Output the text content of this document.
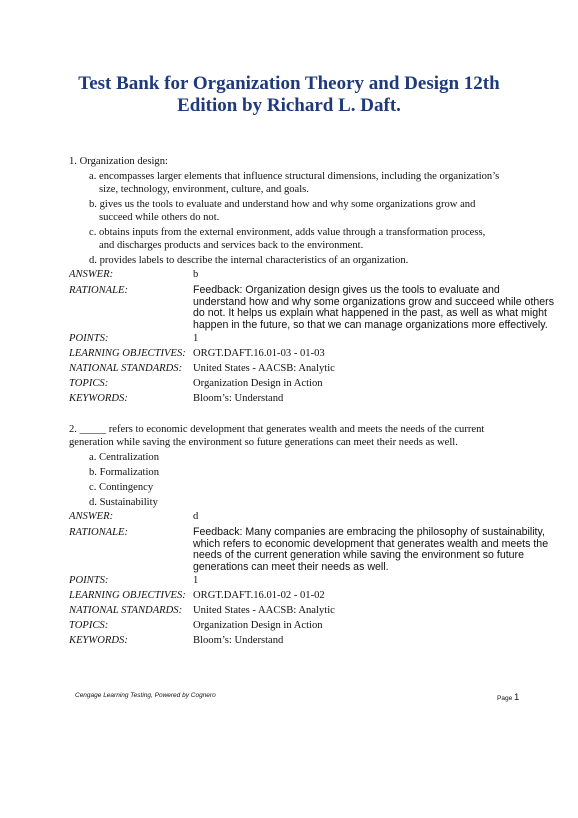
Test Bank for Organization Theory and Design 12th
Edition by Richard L. Daft.
1. Organization design:
a. encompasses larger elements that influence structural dimensions, including the organization’s
size, technology, environment, culture, and goals.
b. gives us the tools to evaluate and understand how and why some organizations grow and
succeed while others do not.
c. obtains inputs from the external environment, adds value through a transformation process,
and discharges products and services back to the environment.
d. provides labels to describe the internal characteristics of an organization.
ANSWER:	b
RATIONALE:	Feedback: Organization design gives us the tools to evaluate and
understand how and why some organizations grow and succeed while others
do not. It helps us explain what happened in the past, as well as what might
happen in the future, so that we can manage organizations more effectively.
POINTS:	1
LEARNING OBJECTIVES: ORGT.DAFT.16.01-03 - 01-03
NATIONAL STANDARDS: United States - AACSB: Analytic
TOPICS:	Organization Design in Action
KEYWORDS:	Bloom’s: Understand
2. _____ refers to economic development that generates wealth and meets the needs of the current
generation while saving the environment so future generations can meet their needs as well.
a. Centralization
b. Formalization
c. Contingency
d. Sustainability
ANSWER:	d
RATIONALE:	Feedback: Many companies are embracing the philosophy of sustainability,
which refers to economic development that generates wealth and meets the
needs of the current generation while saving the environment so future
generations can meet their needs as well.
POINTS:	1
LEARNING OBJECTIVES: ORGT.DAFT.16.01-02 - 01-02
NATIONAL STANDARDS: United States - AACSB: Analytic
TOPICS:	Organization Design in Action
KEYWORDS:	Bloom’s: Understand
Cengage Learning Testing, Powered by Cognero	Page 1
